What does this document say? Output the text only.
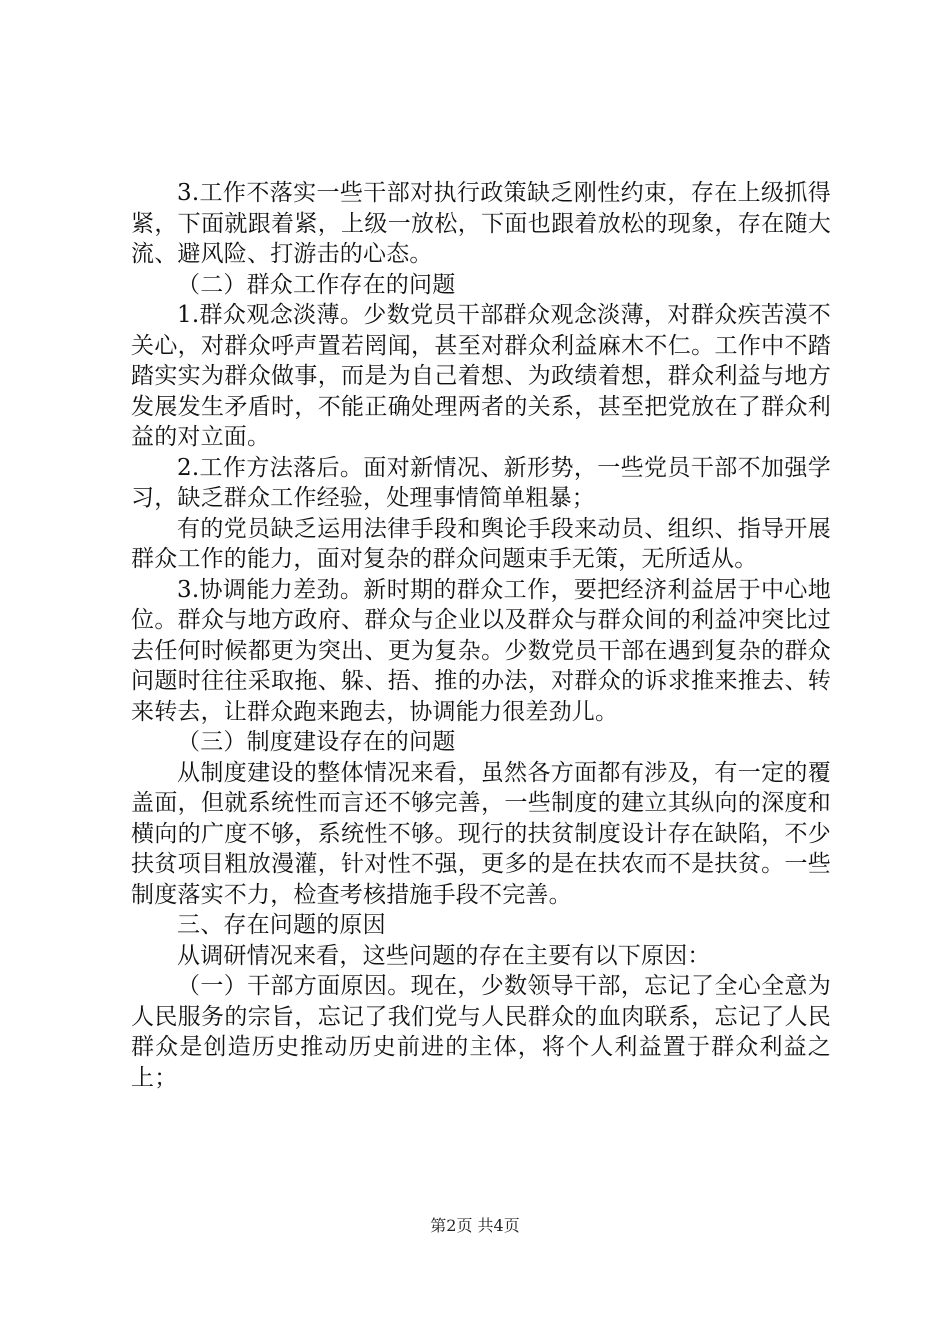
3.工作不落实一些干部对执行政策缺乏刚性约束，存在上级抓得紧，下面就跟着紧，上级一放松，下面也跟着放松的现象，存在随大流、避风险、打游击的心态。

（二）群众工作存在的问题

1.群众观念淡薄。少数党员干部群众观念淡薄，对群众疾苦漠不关心，对群众呼声置若罔闻，甚至对群众利益麻木不仁。工作中不踏踏实实为群众做事，而是为自己着想、为政绩着想，群众利益与地方发展发生矛盾时，不能正确处理两者的关系，甚至把党放在了群众利益的对立面。

2.工作方法落后。面对新情况、新形势，一些党员干部不加强学习，缺乏群众工作经验，处理事情简单粗暴；

有的党员缺乏运用法律手段和舆论手段来动员、组织、指导开展群众工作的能力，面对复杂的群众问题束手无策，无所适从。

3.协调能力差劲。新时期的群众工作，要把经济利益居于中心地位。群众与地方政府、群众与企业以及群众与群众间的利益冲突比过去任何时候都更为突出、更为复杂。少数党员干部在遇到复杂的群众问题时往往采取拖、躲、捂、推的办法，对群众的诉求推来推去、转来转去，让群众跑来跑去，协调能力很差劲儿。

（三）制度建设存在的问题

从制度建设的整体情况来看，虽然各方面都有涉及，有一定的覆盖面，但就系统性而言还不够完善，一些制度的建立其纵向的深度和横向的广度不够，系统性不够。现行的扶贫制度设计存在缺陷，不少扶贫项目粗放漫灌，针对性不强，更多的是在扶农而不是扶贫。一些制度落实不力，检查考核措施手段不完善。

三、存在问题的原因

从调研情况来看，这些问题的存在主要有以下原因：

（一）干部方面原因。现在，少数领导干部，忘记了全心全意为人民服务的宗旨，忘记了我们党与人民群众的血肉联系，忘记了人民群众是创造历史推动历史前进的主体，将个人利益置于群众利益之上；

第2页 共4页
